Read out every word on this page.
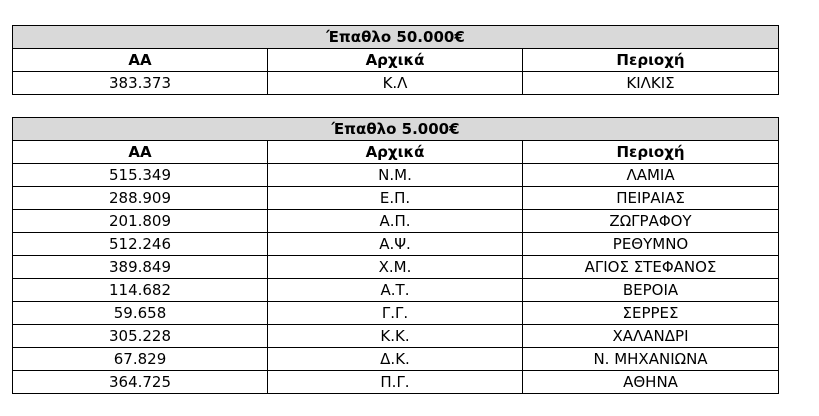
Έπαθλο 50.000€		
ΑΑ	Αρχικά	Περιοχή
383.373	Κ.Λ	ΚΙΛΚΙΣ
Έπαθλο 5.000€		
ΑΑ	Αρχικά	Περιοχή
515.349	Ν.Μ.	ΛΑΜΙΑ
288.909	Ε.Π.	ΠΕΙΡΑΙΑΣ
201.809	Α.Π.	ΖΩΓΡΑΦΟΥ
512.246	Α.Ψ.	ΡΕΘΥΜΝΟ
389.849	Χ.Μ.	ΑΓΙΟΣ ΣΤΕΦΑΝΟΣ
114.682	Α.Τ.	ΒΕΡΟΙΑ
59.658	Γ.Γ.	ΣΕΡΡΕΣ
305.228	Κ.Κ.	ΧΑΛΑΝΔΡΙ
67.829	Δ.Κ.	Ν. ΜΗΧΑΝΙΩΝΑ
364.725	Π.Γ.	ΑΘΗΝΑ
